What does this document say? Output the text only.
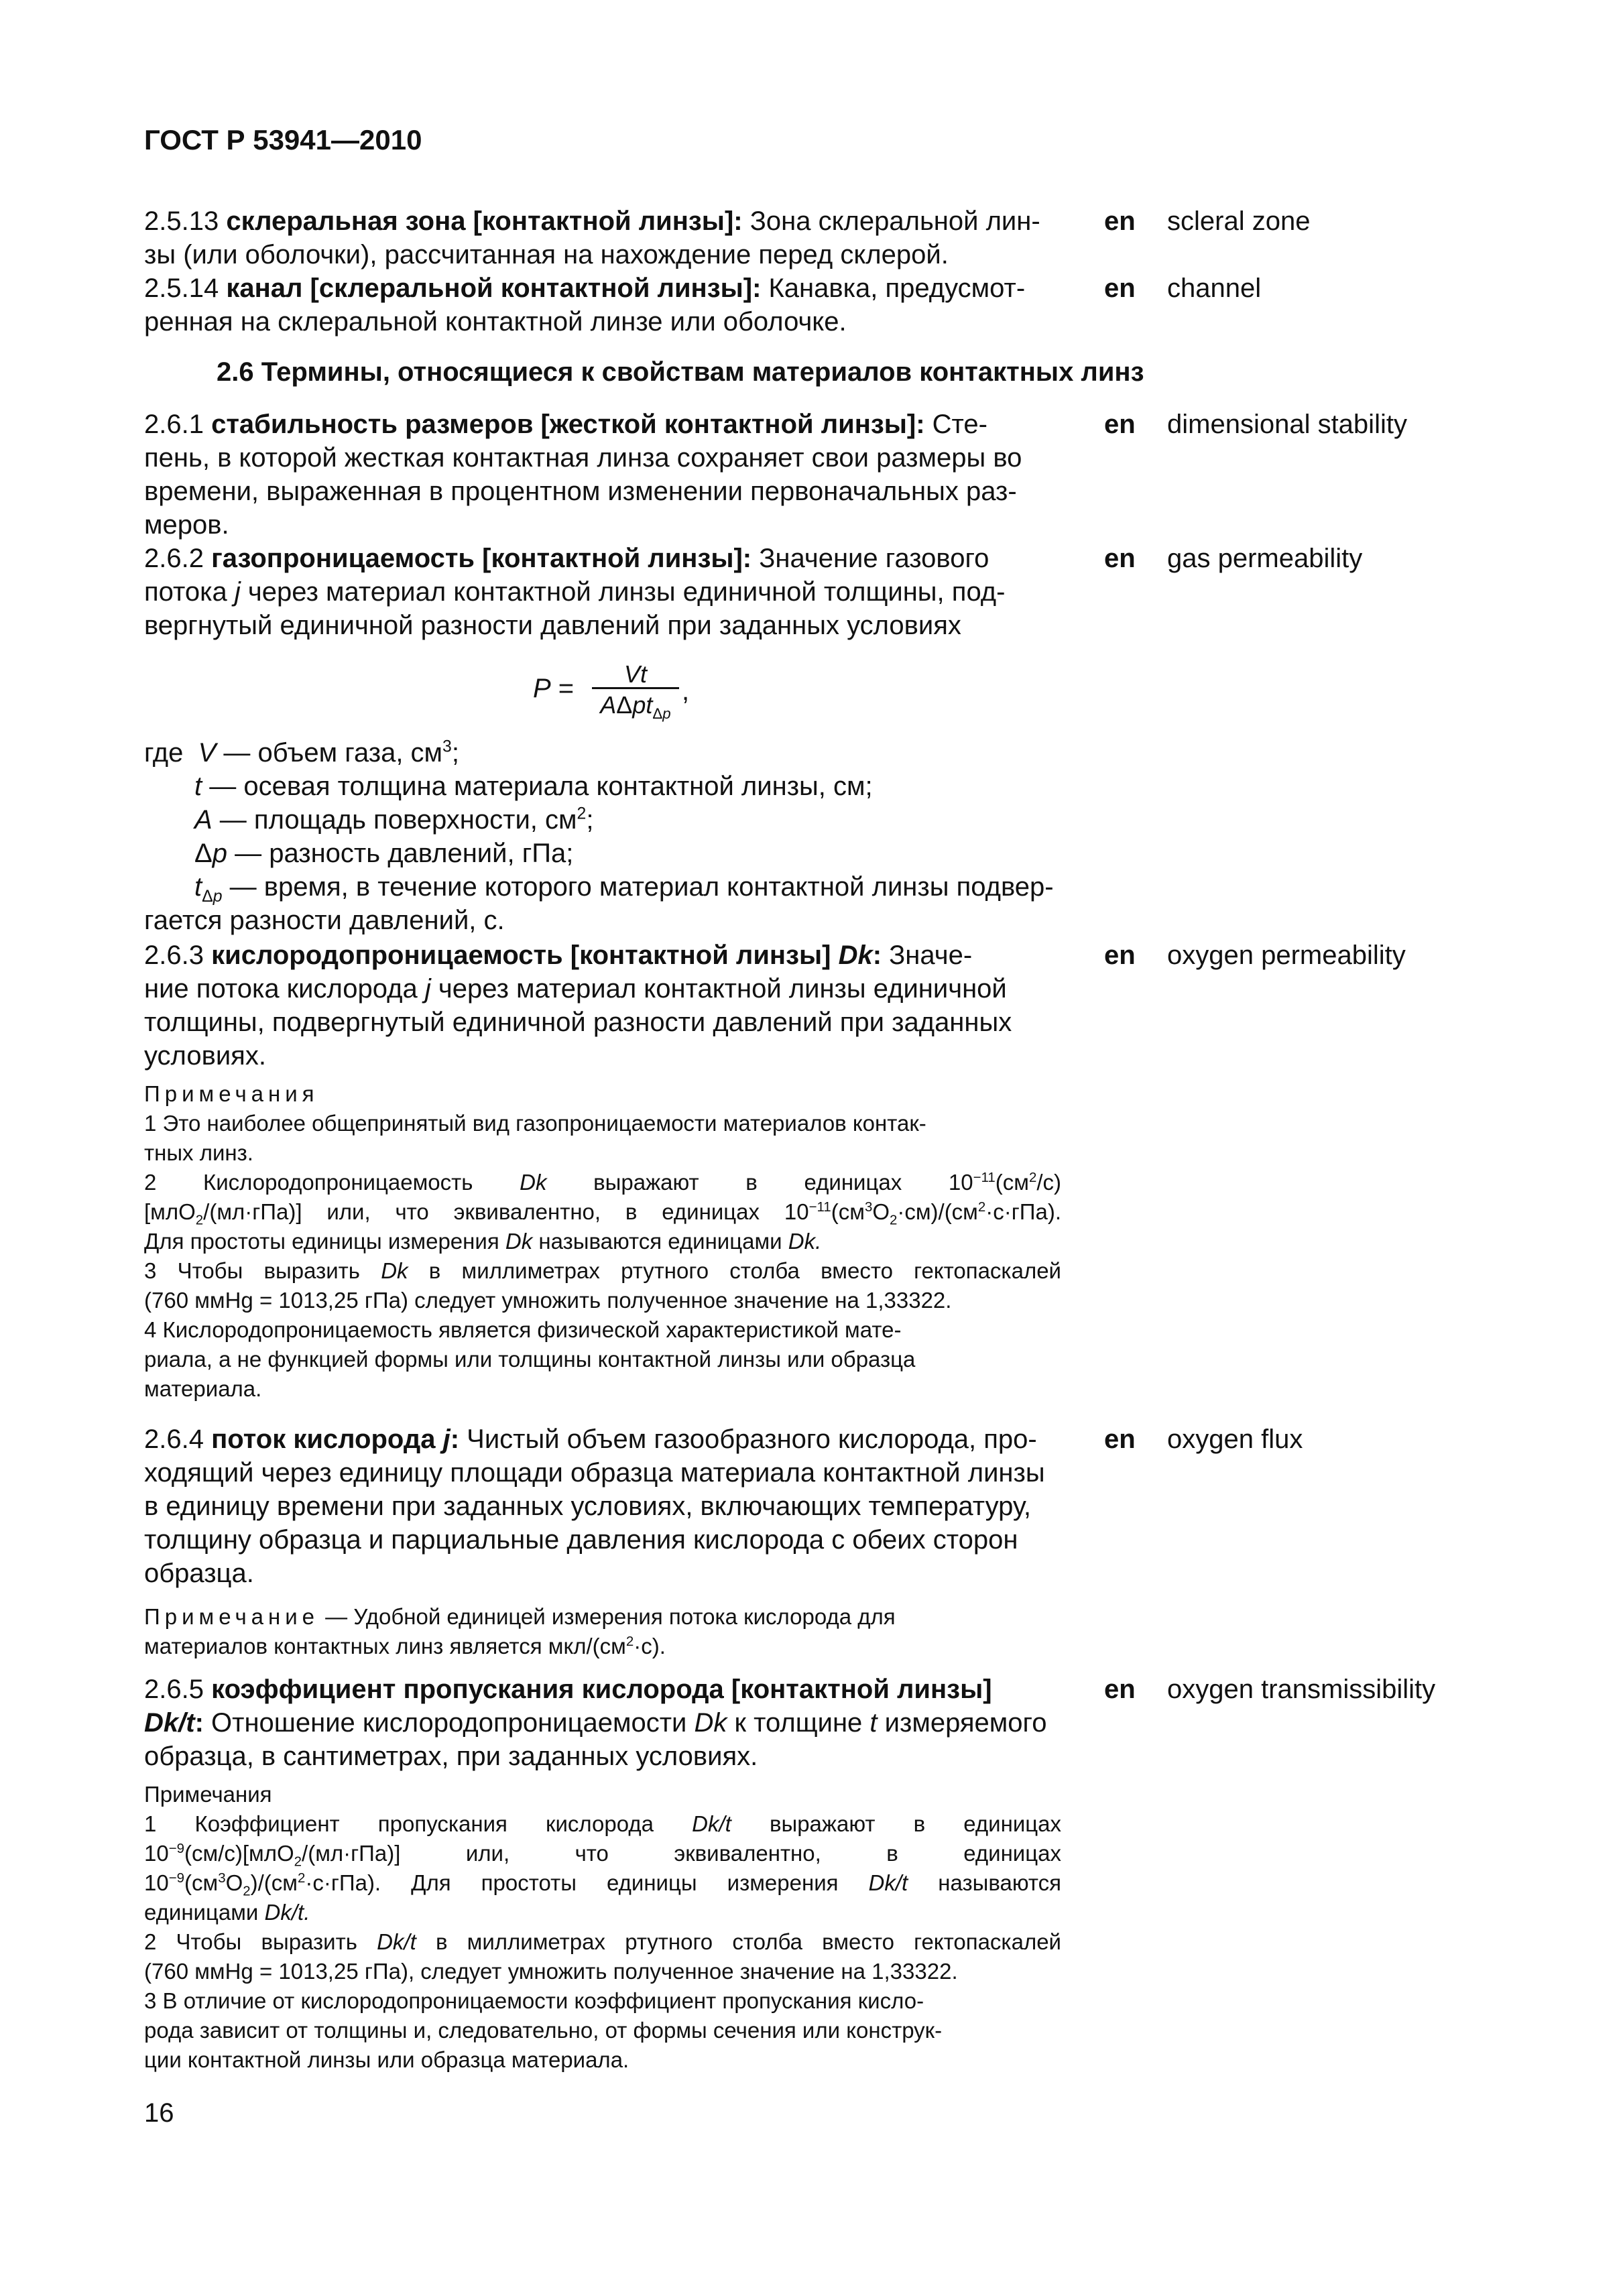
ГОСТ Р 53941—2010
2.5.13 склеральная зона [контактной линзы]: Зона склеральной лин-
зы (или оболочки), рассчитанная на нахождение перед склерой.
en scleral zone
2.5.14 канал [склеральной контактной линзы]: Канавка, предусмот-
ренная на склеральной контактной линзе или оболочке.
en channel
2.6 Термины, относящиеся к свойствам материалов контактных линз
2.6.1 стабильность размеров [жесткой контактной линзы]: Сте-
пень, в которой жесткая контактная линза сохраняет свои размеры во
времени, выраженная в процентном изменении первоначальных раз-
меров.
en dimensional stability
2.6.2 газопроницаемость [контактной линзы]: Значение газового
потока j через материал контактной линзы единичной толщины, под-
вергнутый единичной разности давлений при заданных условиях
en gas permeability
P =	Vt
AΔpt$_{\Delta p}$
,
где V — объем газа, $см^3$;
t — осевая толщина материала контактной линзы, см;
A — площадь поверхности, $см^2$;
Δp — разность давлений, гПа;
$t_{\Delta p}$ — время, в течение которого материал контактной линзы подвер-
гается разности давлений, с.
2.6.3 кислородопроницаемость [контактной линзы] Dk: Значе-
ние потока кислорода j через материал контактной линзы единичной
толщины, подвергнутый единичной разности давлений при заданных
условиях.
en oxygen permeability
Примечания
1 Это наиболее общепринятый вид газопроницаемости материалов контак-
тных линз.
2 Кислородопроницаемость Dk выражают в единицах $10^{-11}(см^2/с)$
[млO$_2$/(мл·гПа)] или, что эквивалентно, в единицах $10^{-11}(см^3O_2\cdot см)/(см^2\cdot с\cdot гПа)$.
Для простоты единицы измерения Dk называются единицами Dk.
3 Чтобы выразить Dk в миллиметрах ртутного столба вместо гектопаскалей
(760 ммHg = 1013,25 гПа) следует умножить полученное значение на 1,33322.
4 Кислородопроницаемость является физической характеристикой мате-
риала, а не функцией формы или толщины контактной линзы или образца
материала.
2.6.4 поток кислорода j: Чистый объем газообразного кислорода, про-
ходящий через единицу площади образца материала контактной линзы
в единицу времени при заданных условиях, включающих температуру,
толщину образца и парциальные давления кислорода с обеих сторон
образца.
en oxygen flux
Примечание — Удобной единицей измерения потока кислорода для
материалов контактных линз является мкл/$(см^2\cdot с)$.
2.6.5 коэффициент пропускания кислорода [контактной линзы]
Dk/t: Отношение кислородопроницаемости Dk к толщине t измеряемого
образца, в сантиметрах, при заданных условиях.
en oxygen transmissibility
Примечания
1 Коэффициент пропускания кислорода Dk/t выражают в единицах
$10^{-9}(см/с)[млO_2/(мл\cdot гПа)]$ или, что эквивалентно, в единицах
$10^{-9}(см^3O_2)/(см^2\cdot с\cdot гПа)$. Для простоты единицы измерения Dk/t называются
единицами Dk/t.
2 Чтобы выразить Dk/t в миллиметрах ртутного столба вместо гектопаскалей
(760 ммHg = 1013,25 гПа), следует умножить полученное значение на 1,33322.
3 В отличие от кислородопроницаемости коэффициент пропускания кисло-
рода зависит от толщины и, следовательно, от формы сечения или конструк-
ции контактной линзы или образца материала.
16
